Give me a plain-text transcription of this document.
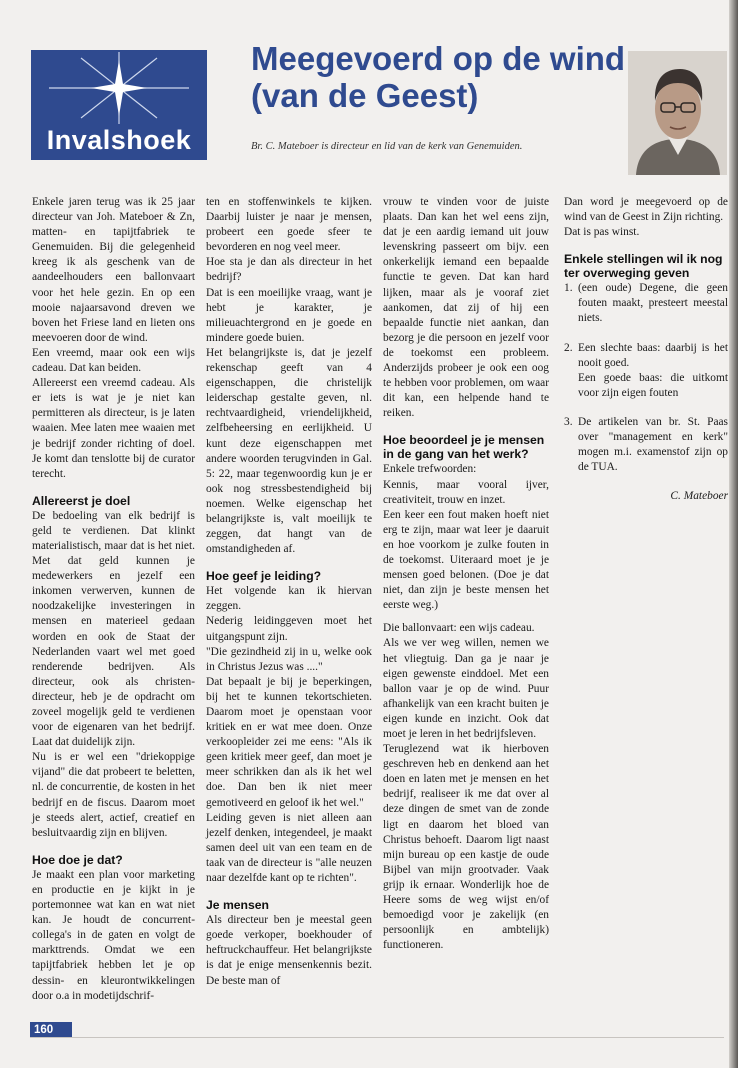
Invalshoek
Meegevoerd op de wind (van de Geest)
Br. C. Mateboer is directeur en lid van de kerk van Genemuiden.

Enkele jaren terug was ik 25 jaar directeur van Joh. Mateboer & Zn, matten- en tapijtfabriek te Genemuiden. Bij die gelegenheid kreeg ik als geschenk van de aandeelhouders een ballonvaart voor het hele gezin. En op een mooie najaarsavond dreven we boven het Friese land en lieten ons meevoeren door de wind.

Een vreemd, maar ook een wijs cadeau. Dat kan beiden.

Allereerst een vreemd cadeau. Als er iets is wat je je niet kan permitteren als directeur, is je laten waaien. Mee laten mee waaien met je bedrijf zonder richting of doel. Je komt dan tenslotte bij de curator terecht.

Allereerst je doel

De bedoeling van elk bedrijf is geld te verdienen. Dat klinkt materialistisch, maar dat is het niet. Met dat geld kunnen je medewerkers en jezelf een inkomen verwerven, kunnen de noodzakelijke investeringen in mensen en materieel gedaan worden en ook de Staat der Nederlanden vaart wel met goed renderende bedrijven. Als directeur, ook als christen-directeur, heb je de opdracht om zoveel mogelijk geld te verdienen voor de eigenaren van het bedrijf. Laat dat duidelijk zijn.

Nu is er wel een "driekoppige vijand" die dat probeert te beletten, nl. de concurrentie, de kosten in het bedrijf en de fiscus. Daarom moet je steeds alert, actief, creatief en besluitvaardig zijn en blijven.

Hoe doe je dat?

Je maakt een plan voor marketing en productie en je kijkt in je portemonnee wat kan en wat niet kan. Je houdt de concurrent-collega's in de gaten en volgt de markttrends. Omdat we een tapijtfabriek hebben let je op dessin- en kleurontwikkelingen door o.a in modetijdschrif-

ten en stoffenwinkels te kijken. Daarbij luister je naar je mensen, probeert een goede sfeer te bevorderen en nog veel meer.

Hoe sta je dan als directeur in het bedrijf?

Dat is een moeilijke vraag, want je hebt je karakter, je milieuachtergrond en je goede en mindere goede buien.

Het belangrijkste is, dat je jezelf rekenschap geeft van 4 eigenschappen, die christelijk leiderschap gestalte geven, nl. rechtvaardigheid, vriendelijkheid, zelfbeheersing en eerlijkheid. U kunt deze eigenschappen met andere woorden terugvinden in Gal. 5: 22, maar tegenwoordig kun je er ook nog stressbestendigheid bij noemen. Welke eigenschap het belangrijkste is, valt moeilijk te zeggen, dat hangt van de omstandigheden af.

Hoe geef je leiding?

Het volgende kan ik hiervan zeggen.

Nederig leidinggeven moet het uitgangspunt zijn.

"Die gezindheid zij in u, welke ook in Christus Jezus was ...."

Dat bepaalt je bij je beperkingen, bij het te kunnen tekortschieten. Daarom moet je openstaan voor kritiek en er wat mee doen. Onze verkoopleider zei me eens: "Als ik geen kritiek meer geef, dan moet je meer schrikken dan als ik het wel doe. Dan ben ik niet meer gemotiveerd en geloof ik het wel."

Leiding geven is niet alleen aan jezelf denken, integendeel, je maakt samen deel uit van een team en de taak van de directeur is "alle neuzen naar dezelfde kant op te richten".

Je mensen

Als directeur ben je meestal geen goede verkoper, boekhouder of heftruckchauffeur. Het belangrijkste is dat je enige mensenkennis bezit. De beste man of

vrouw te vinden voor de juiste plaats. Dan kan het wel eens zijn, dat je een aardig iemand uit jouw levenskring passeert om bijv. een onkerkelijk iemand een bepaalde functie te geven. Dat kan hard lijken, maar als je vooraf ziet aankomen, dat zij of hij een bepaalde functie niet aankan, dan bezorg je die persoon en jezelf voor de toekomst een probleem. Anderzijds probeer je ook een oog te hebben voor problemen, om waar dit kan, een helpende hand te reiken.

Hoe beoordeel je je mensen in de gang van het werk?

Enkele trefwoorden:

Kennis, maar vooral ijver, creativiteit, trouw en inzet.

Een keer een fout maken hoeft niet erg te zijn, maar wat leer je daaruit en hoe voorkom je zulke fouten in de toekomst. Uiteraard moet je je mensen goed belonen. (Doe je dat niet, dan zijn je beste mensen het eerste weg.)

Die ballonvaart: een wijs cadeau.

Als we ver weg willen, nemen we het vliegtuig. Dan ga je naar je eigen gewenste einddoel. Met een ballon vaar je op de wind. Puur afhankelijk van een kracht buiten je eigen kunde en inzicht. Ook dat moet je leren in het bedrijfsleven.

Teruglezend wat ik hierboven geschreven heb en denkend aan het doen en laten met je mensen en het bedrijf, realiseer ik me dat over al deze dingen de smet van de zonde ligt en daarom het bloed van Christus behoeft. Daarom ligt naast mijn bureau op een kastje de oude Bijbel van mijn grootvader. Vaak grijp ik ernaar. Wonderlijk hoe de Heere soms de weg wijst en/of bemoedigd voor je zakelijk (en persoonlijk en ambtelijk) functioneren.

Dan word je meegevoerd op de wind van de Geest in Zijn richting.

Dat is pas winst.

Enkele stellingen wil ik nog ter overweging geven
1. (een oude) Degene, die geen fouten maakt, presteert meestal niets.
2. Een slechte baas: daarbij is het nooit goed.
Een goede baas: die uitkomt voor zijn eigen fouten
3. De artikelen van br. St. Paas over "management en kerk" mogen m.i. examenstof zijn op de TUA.

C. Mateboer

160
